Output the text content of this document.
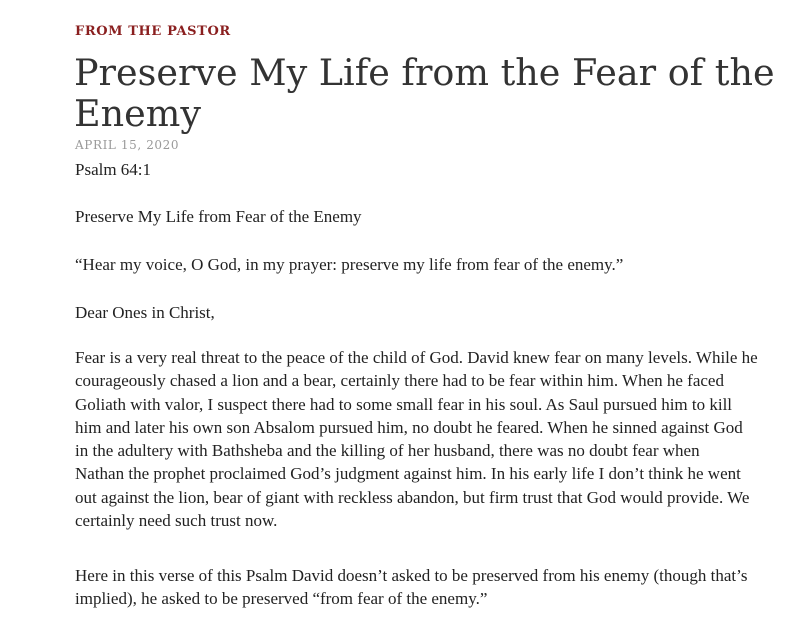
FROM THE PASTOR
Preserve My Life from the Fear of the Enemy
APRIL 15, 2020

Psalm 64:1

Preserve My Life from Fear of the Enemy

“Hear my voice, O God, in my prayer: preserve my life from fear of the enemy.”

Dear Ones in Christ,

Fear is a very real threat to the peace of the child of God. David knew fear on many levels. While he
courageously chased a lion and a bear, certainly there had to be fear within him. When he faced
Goliath with valor, I suspect there had to some small fear in his soul. As Saul pursued him to kill
him and later his own son Absalom pursued him, no doubt he feared. When he sinned against God
in the adultery with Bathsheba and the killing of her husband, there was no doubt fear when
Nathan the prophet proclaimed God’s judgment against him. In his early life I don’t think he went
out against the lion, bear of giant with reckless abandon, but firm trust that God would provide. We
certainly need such trust now.

Here in this verse of this Psalm David doesn’t asked to be preserved from his enemy (though that’s
implied), he asked to be preserved “from fear of the enemy.”
